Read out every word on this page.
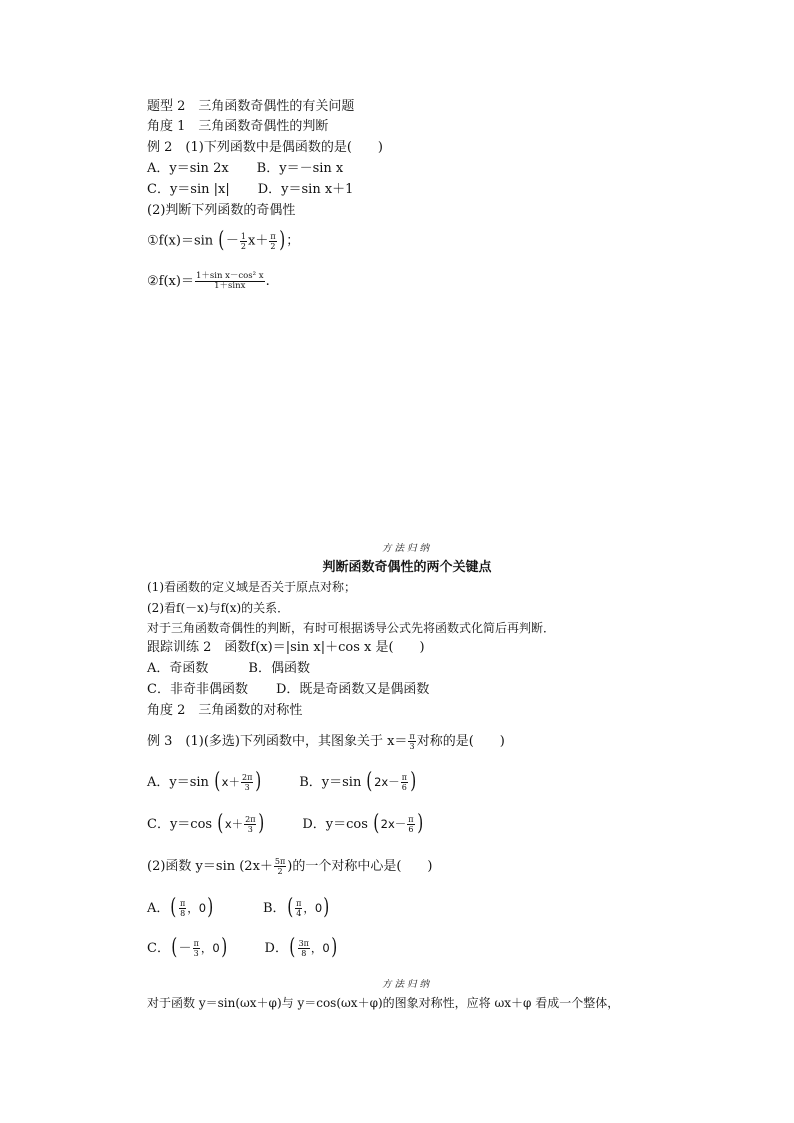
题型 2　三角函数奇偶性的有关问题
角度 1　三角函数奇偶性的判断
例 2　(1)下列函数中是偶函数的是(　　)
A．y＝sin 2x B．y＝－sin x
C．y＝sin |x| D．y＝sin x＋1
(2)判断下列函数的奇偶性
①f(x)＝sin (－ $\frac{1}{2} x+ \frac{\pi}{2}$ )；
②f(x)＝ $\frac{\text{1＋sin x－cos² x}}{1+\sin x}$ .
方法归纳
判断函数奇偶性的两个关键点
(1)看函数的定义域是否关于原点对称；
(2)看f(－x)与f(x)的关系．
对于三角函数奇偶性的判断，有时可根据诱导公式先将函数式化简后再判断．
跟踪训练 2　函数f(x)＝|sin x|＋cos x 是(　　)
A．奇函数	B．偶函数
C．非奇非偶函数 D．既是奇函数又是偶函数
角度 2　三角函数的对称性
例 3　(1)(多选)下列函数中，其图象关于 $x= \frac{\pi}{3}$ 对称的是(　　)
A．y＝sin ($x+ \frac{2\pi}{3}$ )	B．y＝sin ($2x- \frac{\pi}{6}$ )
C．y＝cos ($x+ \frac{2\pi}{3}$ )	D．y＝cos ($2x- \frac{\pi}{6}$ )
(2)函数 y＝sin ($2x+ \frac{5\pi}{2}$ )的一个对称中心是(　　)
A．( $\frac{\pi}{8}$ ，0)	B．( $\frac{\pi}{4}$ ，0)
C．(－ $\frac{\pi}{3}$ ，0)	D．( $\frac{3\pi}{8}$ ，0)
方法归纳
对于函数 y＝sin(ωx＋φ)与 y＝cos(ωx＋φ)的图象对称性，应将 ωx＋φ 看成一个整体，
